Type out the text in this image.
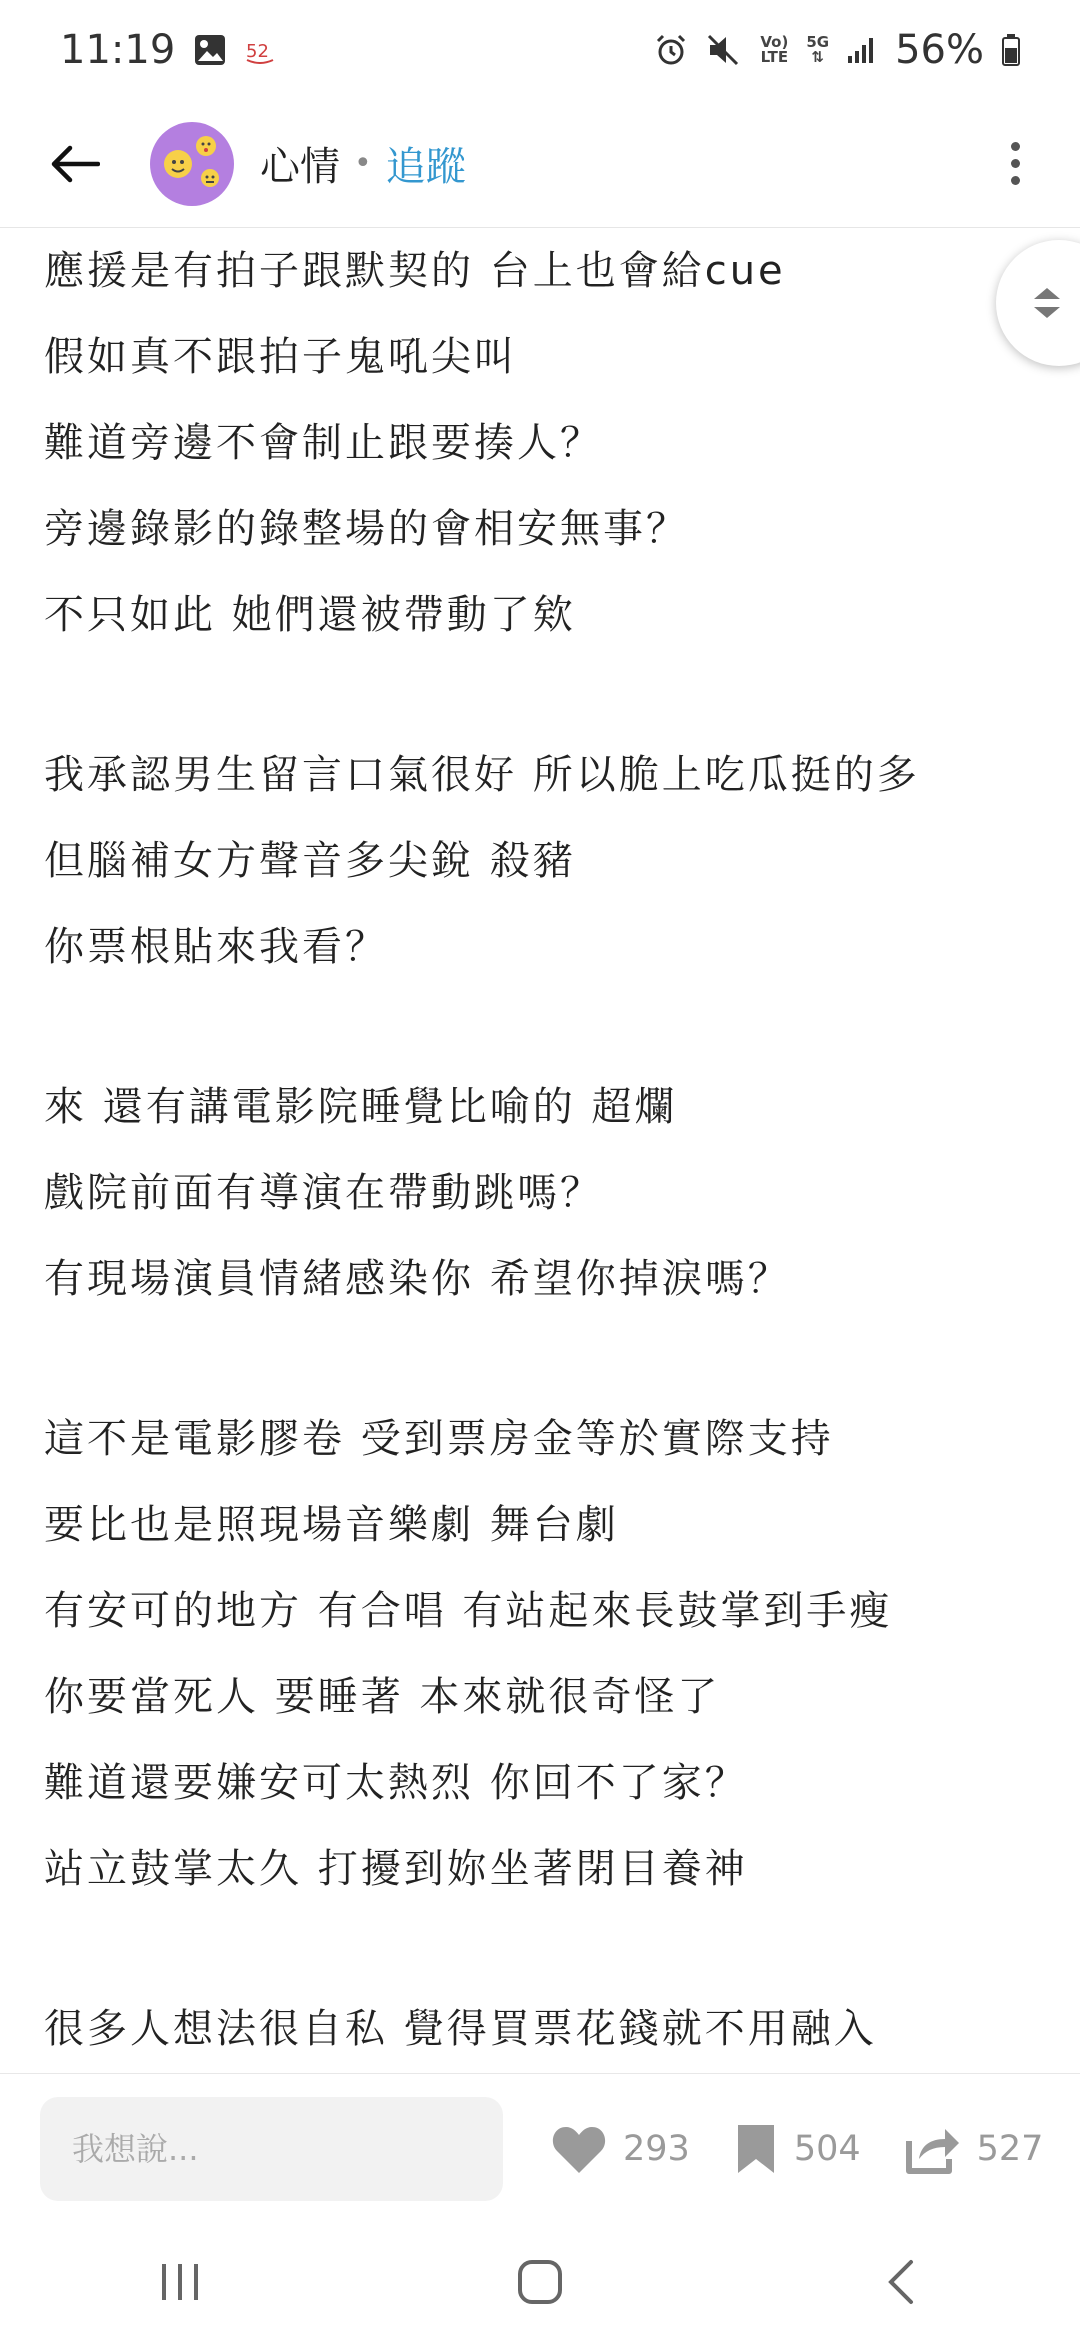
11:19	52	Vo)
LTE
5G
⇅ 56%
心情 • 追蹤
應援是有拍子跟默契的 台上也會給cue
假如真不跟拍子鬼吼尖叫
難道旁邊不會制止跟要揍人？
旁邊錄影的錄整場的會相安無事？
不只如此 她們還被帶動了欸
我承認男生留言口氣很好 所以脆上吃瓜挺的多
但腦補女方聲音多尖銳 殺豬
你票根貼來我看？
來 還有講電影院睡覺比喻的 超爛
戲院前面有導演在帶動跳嗎？
有現場演員情緒感染你 希望你掉淚嗎？
這不是電影膠卷 受到票房金等於實際支持
要比也是照現場音樂劇 舞台劇
有安可的地方 有合唱 有站起來長鼓掌到手瘦
你要當死人 要睡著 本來就很奇怪了
難道還要嫌安可太熱烈 你回不了家？
站立鼓掌太久 打擾到妳坐著閉目養神
很多人想法很自私 覺得買票花錢就不用融入
我想說...
293	504	527
